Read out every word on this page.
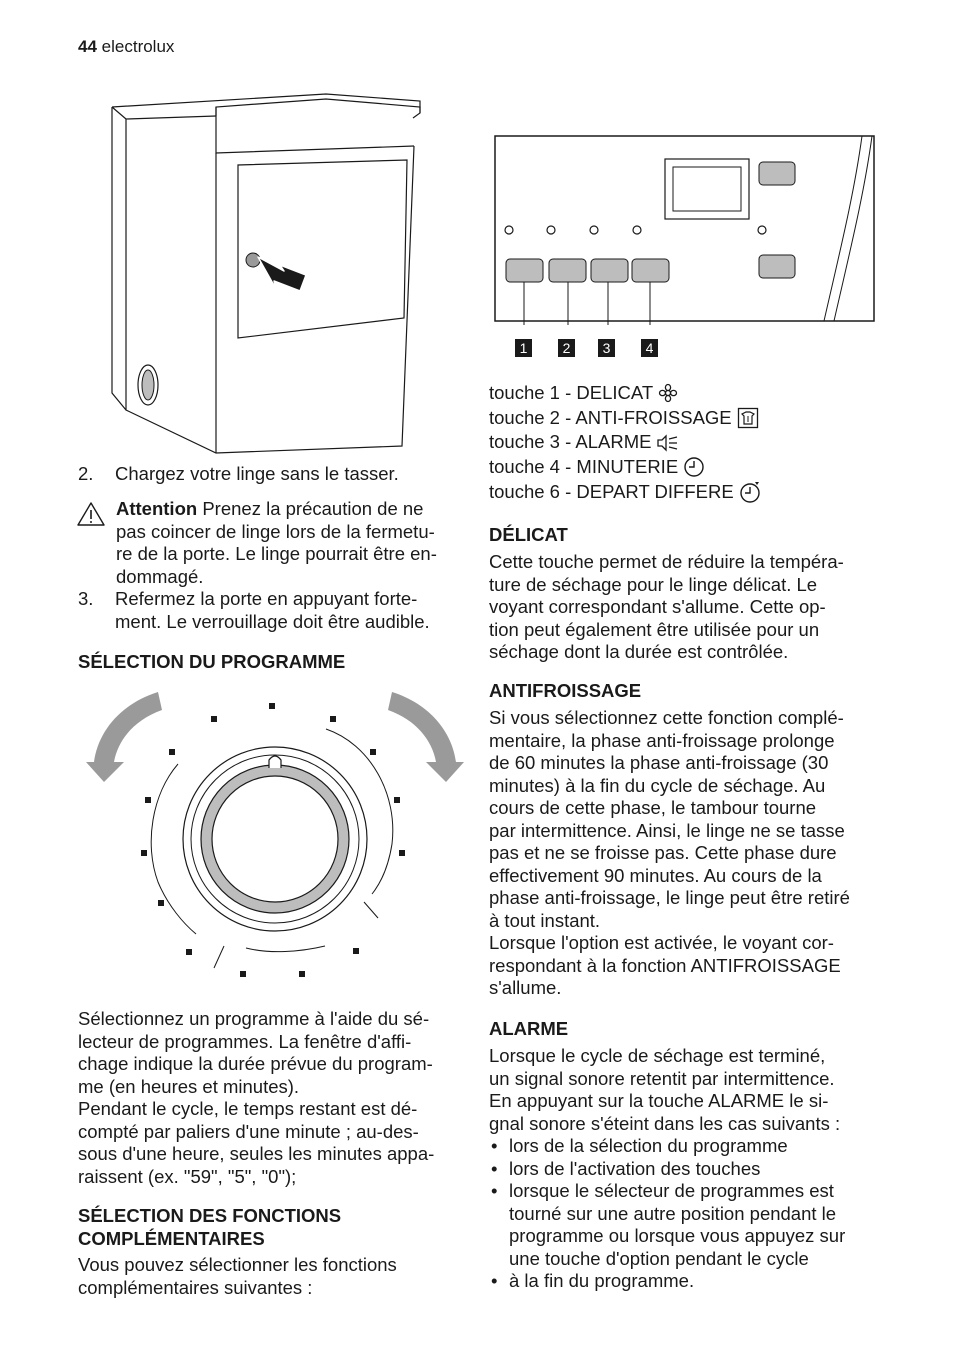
44 electrolux
2. Chargez votre linge sans le tasser.
Attention Prenez la précaution de ne
pas coincer de linge lors de la fermetu-
re de la porte. Le linge pourrait être en-
dommagé.
3. Refermez la porte en appuyant forte-
ment. Le verrouillage doit être audible.
SÉLECTION DU PROGRAMME
Sélectionnez un programme à l'aide du sé-
lecteur de programmes. La fenêtre d'affi-
chage indique la durée prévue du program-
me (en heures et minutes).
Pendant le cycle, le temps restant est dé-
compté par paliers d'une minute ; au-des-
sous d'une heure, seules les minutes appa-
raissent (ex. "59", "5", "0");
SÉLECTION DES FONCTIONS
COMPLÉMENTAIRES
Vous pouvez sélectionner les fonctions
complémentaires suivantes :
1	2	3	4
touche 1 - DELICAT
touche 2 - ANTI-FROISSAGE
touche 3 - ALARME
touche 4 - MINUTERIE
touche 6 - DEPART DIFFERE
DÉLICAT
Cette touche permet de réduire la tempéra-
ture de séchage pour le linge délicat. Le
voyant correspondant s'allume. Cette op-
tion peut également être utilisée pour un
séchage dont la durée est contrôlée.
ANTIFROISSAGE
Si vous sélectionnez cette fonction complé-
mentaire, la phase anti-froissage prolonge
de 60 minutes la phase anti-froissage (30
minutes) à la fin du cycle de séchage. Au
cours de cette phase, le tambour tourne
par intermittence. Ainsi, le linge ne se tasse
pas et ne se froisse pas. Cette phase dure
effectivement 90 minutes. Au cours de la
phase anti-froissage, le linge peut être retiré
à tout instant.
Lorsque l'option est activée, le voyant cor-
respondant à la fonction ANTIFROISSAGE
s'allume.
ALARME
Lorsque le cycle de séchage est terminé,
un signal sonore retentit par intermittence.
En appuyant sur la touche ALARME le si-
gnal sonore s'éteint dans les cas suivants :
• lors de la sélection du programme
• lors de l'activation des touches
• lorsque le sélecteur de programmes est
tourné sur une autre position pendant le
programme ou lorsque vous appuyez sur
une touche d'option pendant le cycle
• à la fin du programme.
